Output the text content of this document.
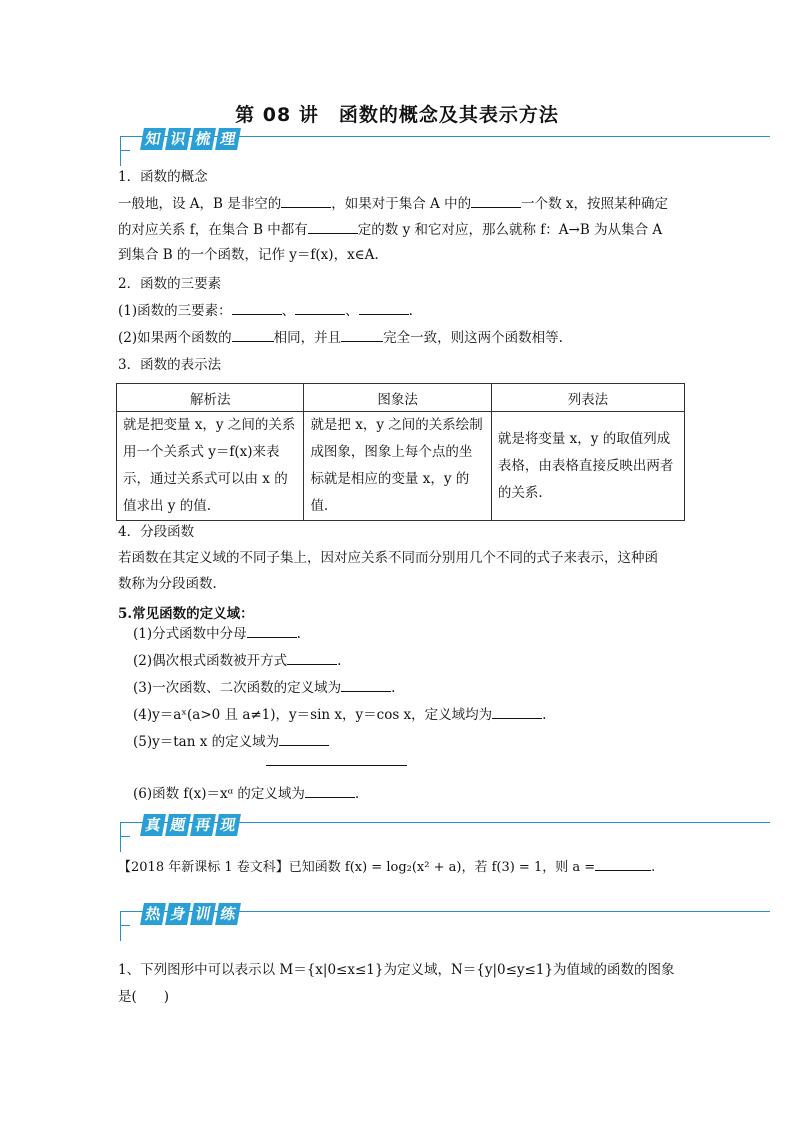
第 08 讲　函数的概念及其表示方法
知 识 梳 理
1．函数的概念
一般地，设 A，B 是非空的	，如果对于集合 A 中的	一个数 x，按照某种确定
的对应关系 f，在集合 B 中都有	定的数 y 和它对应，那么就称 f：A→B 为从集合 A
到集合 B 的一个函数，记作 y＝f(x)，x∈A.
2．函数的三要素
(1)函数的三要素：	、	、	.
(2)如果两个函数的	相同，并且	完全一致，则这两个函数相等.
3．函数的表示法
解析法	图象法	列表法
就是把变量 x，y 之间的关系用一个关系式 y＝f(x)来表示，通过关系式可以由 x 的值求出 y 的值.	就是把 x，y 之间的关系绘制成图象，图象上每个点的坐标就是相应的变量 x，y 的值.	就是将变量 x，y 的取值列成表格，由表格直接反映出两者的关系.
4．分段函数
若函数在其定义域的不同子集上，因对应关系不同而分别用几个不同的式子来表示，这种函
数称为分段函数.
5.常见函数的定义域：
(1)分式函数中分母	.
(2)偶次根式函数被开方式	.
(3)一次函数、二次函数的定义域为	.
(4)y＝aˣ(a>0 且 a≠1)，y＝sin x，y＝cos x，定义域均为	.
(5)y＝tan x 的定义域为
(6)函数 f(x)＝xᵅ 的定义域为	.
真 题 再 现
【2018 年新课标 1 卷文科】已知函数 f(x) = log₂(x² + a)，若 f(3) = 1，则 a =	.
热 身 训 练
1、下列图形中可以表示以 M＝{x|0≤x≤1}为定义域，N＝{y|0≤y≤1}为值域的函数的图象
是(　　)
